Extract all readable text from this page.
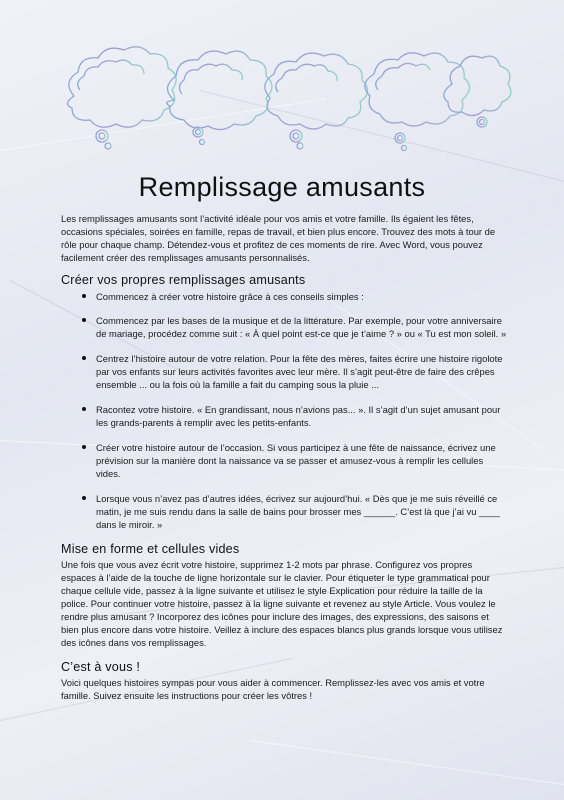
Remplissage amusants

Les remplissages amusants sont l’activité idéale pour vos amis et votre famille. Ils égaient les fêtes, occasions spéciales, soirées en famille, repas de travail, et bien plus encore. Trouvez des mots à tour de rôle pour chaque champ. Détendez-vous et profitez de ces moments de rire. Avec Word, vous pouvez facilement créer des remplissages amusants personnalisés.

Créer vos propres remplissages amusants
Commencez à créer votre histoire grâce à ces conseils simples :
Commencez par les bases de la musique et de la littérature. Par exemple, pour votre anniversaire de mariage, procédez comme suit : « À quel point est-ce que je t’aime ? » ou « Tu est mon soleil. »
Centrez l’histoire autour de votre relation. Pour la fête des mères, faites écrire une histoire rigolote par vos enfants sur leurs activités favorites avec leur mère. Il s’agit peut-être de faire des crêpes ensemble ... ou la fois où la famille a fait du camping sous la pluie ...
Racontez votre histoire. « En grandissant, nous n’avions pas... ». Il s’agit d’un sujet amusant pour les grands-parents à remplir avec les petits-enfants.
Créer votre histoire autour de l’occasion. Si vous participez à une fête de naissance, écrivez une prévision sur la manière dont la naissance va se passer et amusez-vous à remplir les cellules vides.
Lorsque vous n’avez pas d’autres idées, écrivez sur aujourd’hui. « Dès que je me suis réveillé ce matin, je me suis rendu dans la salle de bains pour brosser mes ______. C’est là que j’ai vu ____ dans le miroir. »
Mise en forme et cellules vides

Une fois que vous avez écrit votre histoire, supprimez 1-2 mots par phrase. Configurez vos propres espaces à l’aide de la touche de ligne horizontale sur le clavier. Pour étiqueter le type grammatical pour chaque cellule vide, passez à la ligne suivante et utilisez le style Explication pour réduire la taille de la police. Pour continuer votre histoire, passez à la ligne suivante et revenez au style Article. Vous voulez le rendre plus amusant ? Incorporez des icônes pour inclure des images, des expressions, des saisons et bien plus encore dans votre histoire. Veillez à inclure des espaces blancs plus grands lorsque vous utilisez des icônes dans vos remplissages.

C’est à vous !

Voici quelques histoires sympas pour vous aider à commencer. Remplissez-les avec vos amis et votre famille. Suivez ensuite les instructions pour créer les vôtres !
